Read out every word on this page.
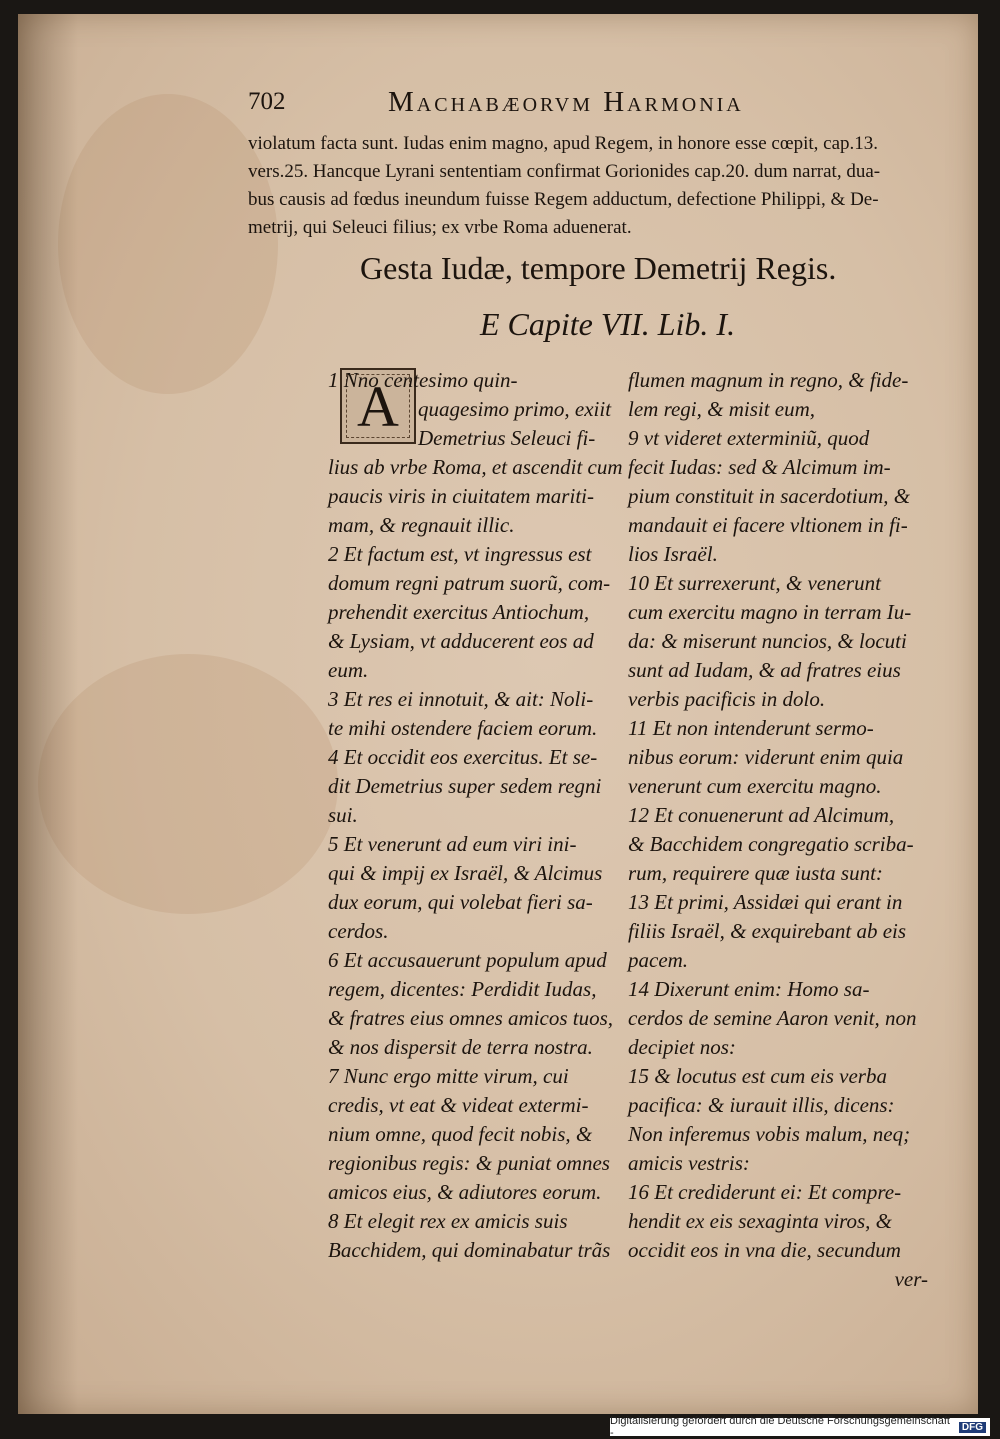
702	Machabæorvm Harmonia
violatum facta sunt. Iudas enim magno, apud Regem, in honore esse cœpit, cap.13.
vers.25. Hancque Lyrani sententiam confirmat Gorionides cap.20. dum narrat, dua-
bus causis ad fœdus ineundum fuisse Regem adductum, defectione Philippi, & De-
metrij, qui Seleuci filius; ex vrbe Roma aduenerat.
Gesta Iudæ, tempore Demetrij Regis.
E Capite VII. Lib. I.
A
1 Nno centesimo quin-
quagesimo primo, exiit
Demetrius Seleuci fi-
lius ab vrbe Roma, et ascendit cum
paucis viris in ciuitatem mariti-
mam, & regnauit illic.
2 Et factum est, vt ingressus est
domum regni patrum suorũ, com-
prehendit exercitus Antiochum,
& Lysiam, vt adducerent eos ad
eum.
3 Et res ei innotuit, & ait: Noli-
te mihi ostendere faciem eorum.
4 Et occidit eos exercitus. Et se-
dit Demetrius super sedem regni
sui.
5 Et venerunt ad eum viri ini-
qui & impij ex Israël, & Alcimus
dux eorum, qui volebat fieri sa-
cerdos.
6 Et accusauerunt populum apud
regem, dicentes: Perdidit Iudas,
& fratres eius omnes amicos tuos,
& nos dispersit de terra nostra.
7 Nunc ergo mitte virum, cui
credis, vt eat & videat extermi-
nium omne, quod fecit nobis, &
regionibus regis: & puniat omnes
amicos eius, & adiutores eorum.
8 Et elegit rex ex amicis suis
Bacchidem, qui dominabatur trãs
flumen magnum in regno, & fide-
lem regi, & misit eum,
9 vt videret exterminiũ, quod
fecit Iudas: sed & Alcimum im-
pium constituit in sacerdotium, &
mandauit ei facere vltionem in fi-
lios Israël.
10 Et surrexerunt, & venerunt
cum exercitu magno in terram Iu-
da: & miserunt nuncios, & locuti
sunt ad Iudam, & ad fratres eius
verbis pacificis in dolo.
11 Et non intenderunt sermo-
nibus eorum: viderunt enim quia
venerunt cum exercitu magno.
12 Et conuenerunt ad Alcimum,
& Bacchidem congregatio scriba-
rum, requirere quæ iusta sunt:
13 Et primi, Assidæi qui erant in
filiis Israël, & exquirebant ab eis
pacem.
14 Dixerunt enim: Homo sa-
cerdos de semine Aaron venit, non
decipiet nos:
15 & locutus est cum eis verba
pacifica: & iurauit illis, dicens:
Non inferemus vobis malum, neq;
amicis vestris:
16 Et crediderunt ei: Et compre-
hendit ex eis sexaginta viros, &
occidit eos in vna die, secundum
ver-
Digitalisierung gefördert durch die Deutsche Forschungsgemeinschaft -	DFG
